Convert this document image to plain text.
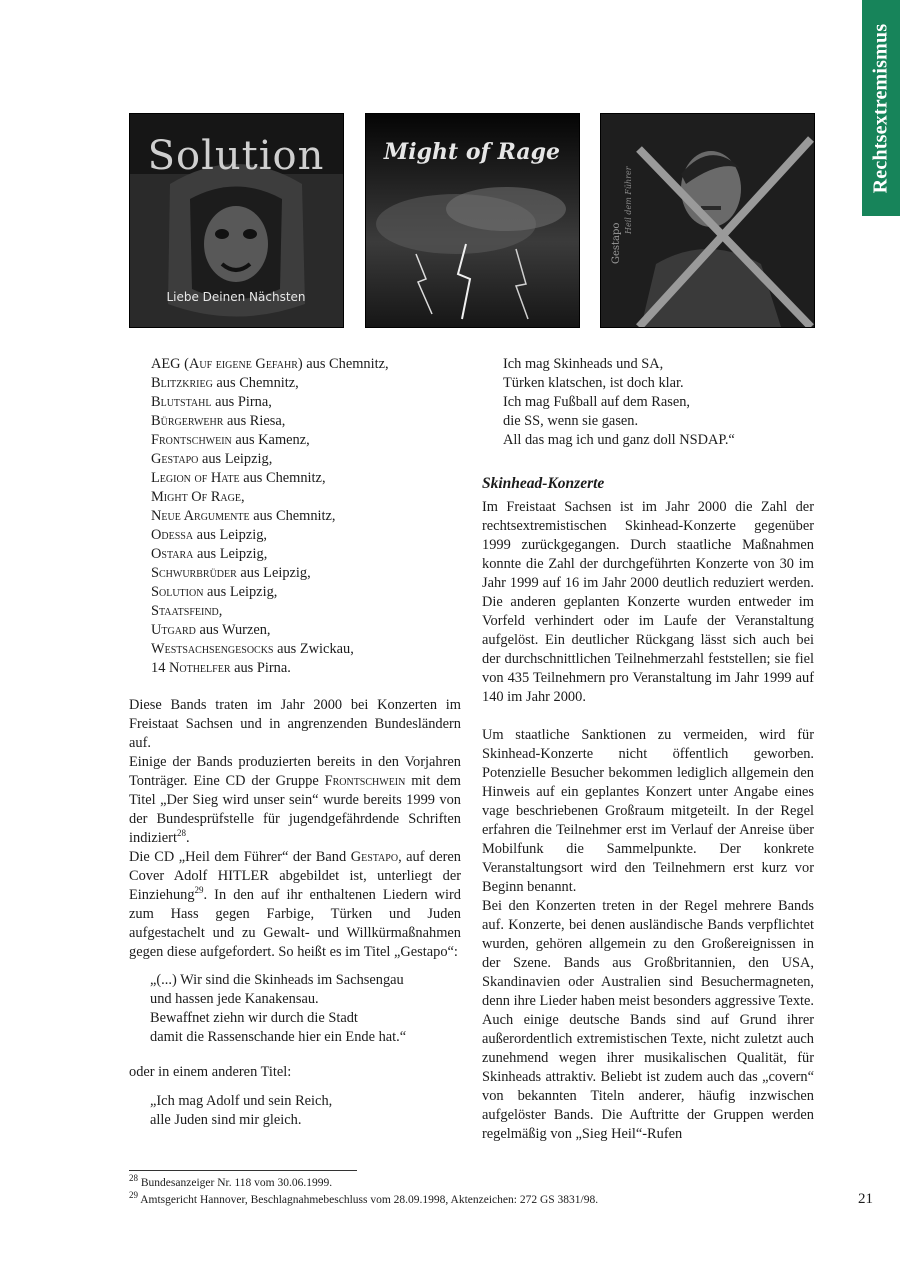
Rechtsextremismus
Solution
Liebe Deinen Nächsten
Might of Rage
Gestapo
Heil dem Führer
AEG (Auf eigene Gefahr) aus Chemnitz,
Blitzkrieg aus Chemnitz,
Blutstahl aus Pirna,
Bürgerwehr aus Riesa,
Frontschwein aus Kamenz,
Gestapo aus Leipzig,
Legion of Hate aus Chemnitz,
Might Of Rage,
Neue Argumente aus Chemnitz,
Odessa aus Leipzig,
Ostara aus Leipzig,
Schwurbrüder aus Leipzig,
Solution aus Leipzig,
Staatsfeind,
Utgard aus Wurzen,
Westsachsengesocks aus Zwickau,
14 Nothelfer aus Pirna.

Diese Bands traten im Jahr 2000 bei Konzerten im Freistaat Sachsen und in angrenzenden Bundesländern auf.

Einige der Bands produzierten bereits in den Vorjahren Tonträger. Eine CD der Gruppe Frontschwein mit dem Titel „Der Sieg wird unser sein“ wurde bereits 1999 von der Bundesprüfstelle für jugendgefährdende Schriften indiziert$^{28}$.

Die CD „Heil dem Führer“ der Band Gestapo, auf deren Cover Adolf HITLER abgebildet ist, unterliegt der Einziehung$^{29}$. In den auf ihr enthaltenen Liedern wird zum Hass gegen Farbige, Türken und Juden aufgestachelt und zu Gewalt- und Willkürmaßnahmen gegen diese aufgefordert. So heißt es im Titel „Gestapo“:

„(...) Wir sind die Skinheads im Sachsengau
und hassen jede Kanakensau.
Bewaffnet ziehn wir durch die Stadt
damit die Rassenschande hier ein Ende hat.“

oder in einem anderen Titel:

„Ich mag Adolf und sein Reich,
alle Juden sind mir gleich.
Ich mag Skinheads und SA,
Türken klatschen, ist doch klar.
Ich mag Fußball auf dem Rasen,
die SS, wenn sie gasen.
All das mag ich und ganz doll NSDAP.“
Skinhead-Konzerte

Im Freistaat Sachsen ist im Jahr 2000 die Zahl der rechtsextremistischen Skinhead-Konzerte gegenüber 1999 zurückgegangen. Durch staatliche Maßnahmen konnte die Zahl der durchgeführten Konzerte von 30 im Jahr 1999 auf 16 im Jahr 2000 deutlich reduziert werden. Die anderen geplanten Konzerte wurden entweder im Vorfeld verhindert oder im Laufe der Veranstaltung aufgelöst. Ein deutlicher Rückgang lässt sich auch bei der durchschnittlichen Teilnehmerzahl feststellen; sie fiel von 435 Teilnehmern pro Veranstaltung im Jahr 1999 auf 140 im Jahr 2000.

Um staatliche Sanktionen zu vermeiden, wird für Skinhead-Konzerte nicht öffentlich geworben. Potenzielle Besucher bekommen lediglich allgemein den Hinweis auf ein geplantes Konzert unter Angabe eines vage beschriebenen Großraum mitgeteilt. In der Regel erfahren die Teilnehmer erst im Verlauf der Anreise über Mobilfunk die Sammelpunkte. Der konkrete Veranstaltungsort wird den Teilnehmern erst kurz vor Beginn benannt.

Bei den Konzerten treten in der Regel mehrere Bands auf. Konzerte, bei denen ausländische Bands verpflichtet wurden, gehören allgemein zu den Großereignissen in der Szene. Bands aus Großbritannien, den USA, Skandinavien oder Australien sind Besuchermagneten, denn ihre Lieder haben meist besonders aggressive Texte. Auch einige deutsche Bands sind auf Grund ihrer außerordentlich extremistischen Texte, nicht zuletzt auch zunehmend wegen ihrer musikalischen Qualität, für Skinheads attraktiv. Beliebt ist zudem auch das „covern“ von bekannten Titeln anderer, häufig inzwischen aufgelöster Bands. Die Auftritte der Gruppen werden regelmäßig von „Sieg Heil“-Rufen

$^{28}$ Bundesanzeiger Nr. 118 vom 30.06.1999.
$^{29}$ Amtsgericht Hannover, Beschlagnahmebeschluss vom 28.09.1998, Aktenzeichen: 272 GS 3831/98.	21
